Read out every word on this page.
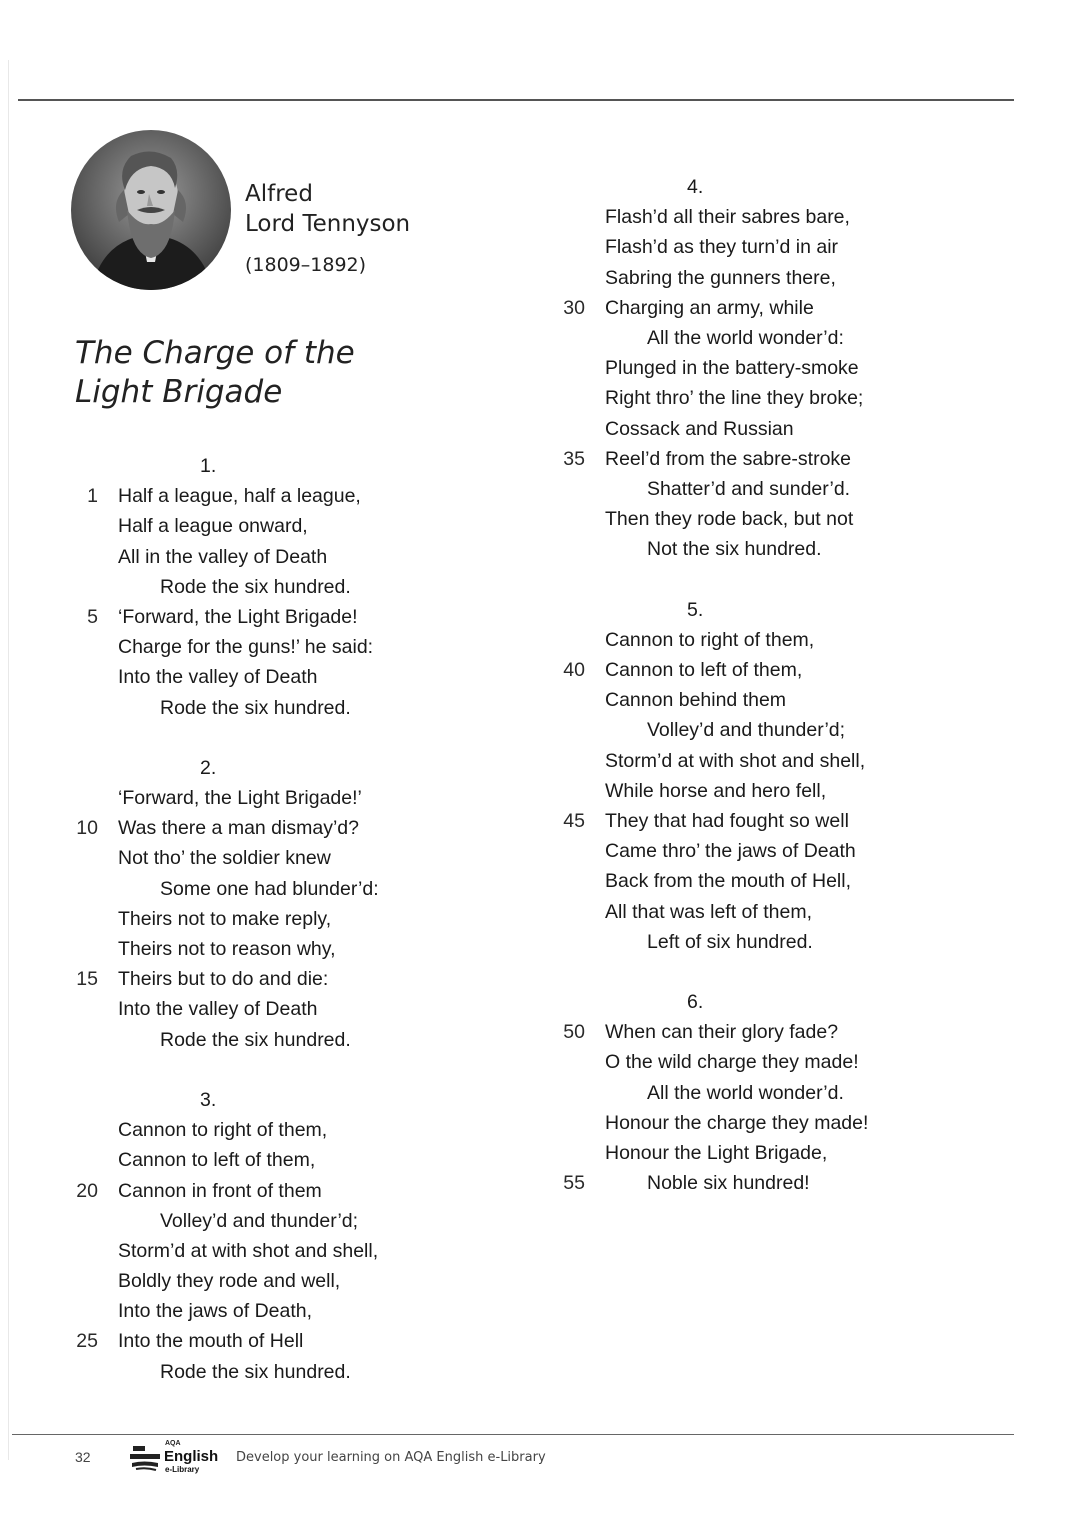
Alfred
Lord Tennyson
(1809–1892)
The Charge of the
Light Brigade
1.
1 Half a league, half a league,
Half a league onward,
All in the valley of Death
Rode the six hundred.
5 ‘Forward, the Light Brigade!
Charge for the guns!’ he said:
Into the valley of Death
Rode the six hundred.
2.
‘Forward, the Light Brigade!’
10 Was there a man dismay’d?
Not tho’ the soldier knew
Some one had blunder’d:
Theirs not to make reply,
Theirs not to reason why,
15 Theirs but to do and die:
Into the valley of Death
Rode the six hundred.
3.
Cannon to right of them,
Cannon to left of them,
20 Cannon in front of them
Volley’d and thunder’d;
Storm’d at with shot and shell,
Boldly they rode and well,
Into the jaws of Death,
25 Into the mouth of Hell
Rode the six hundred.
4.
Flash’d all their sabres bare,
Flash’d as they turn’d in air
Sabring the gunners there,
30 Charging an army, while
All the world wonder’d:
Plunged in the battery-smoke
Right thro’ the line they broke;
Cossack and Russian
35 Reel’d from the sabre-stroke
Shatter’d and sunder’d.
Then they rode back, but not
Not the six hundred.
5.
Cannon to right of them,
40 Cannon to left of them,
Cannon behind them
Volley’d and thunder’d;
Storm’d at with shot and shell,
While horse and hero fell,
45 They that had fought so well
Came thro’ the jaws of Death
Back from the mouth of Hell,
All that was left of them,
Left of six hundred.
6.
50 When can their glory fade?
O the wild charge they made!
All the world wonder’d.
Honour the charge they made!
Honour the Light Brigade,
55	Noble six hundred!
32
AQA
English
e-Library
Develop your learning on AQA English e-Library
